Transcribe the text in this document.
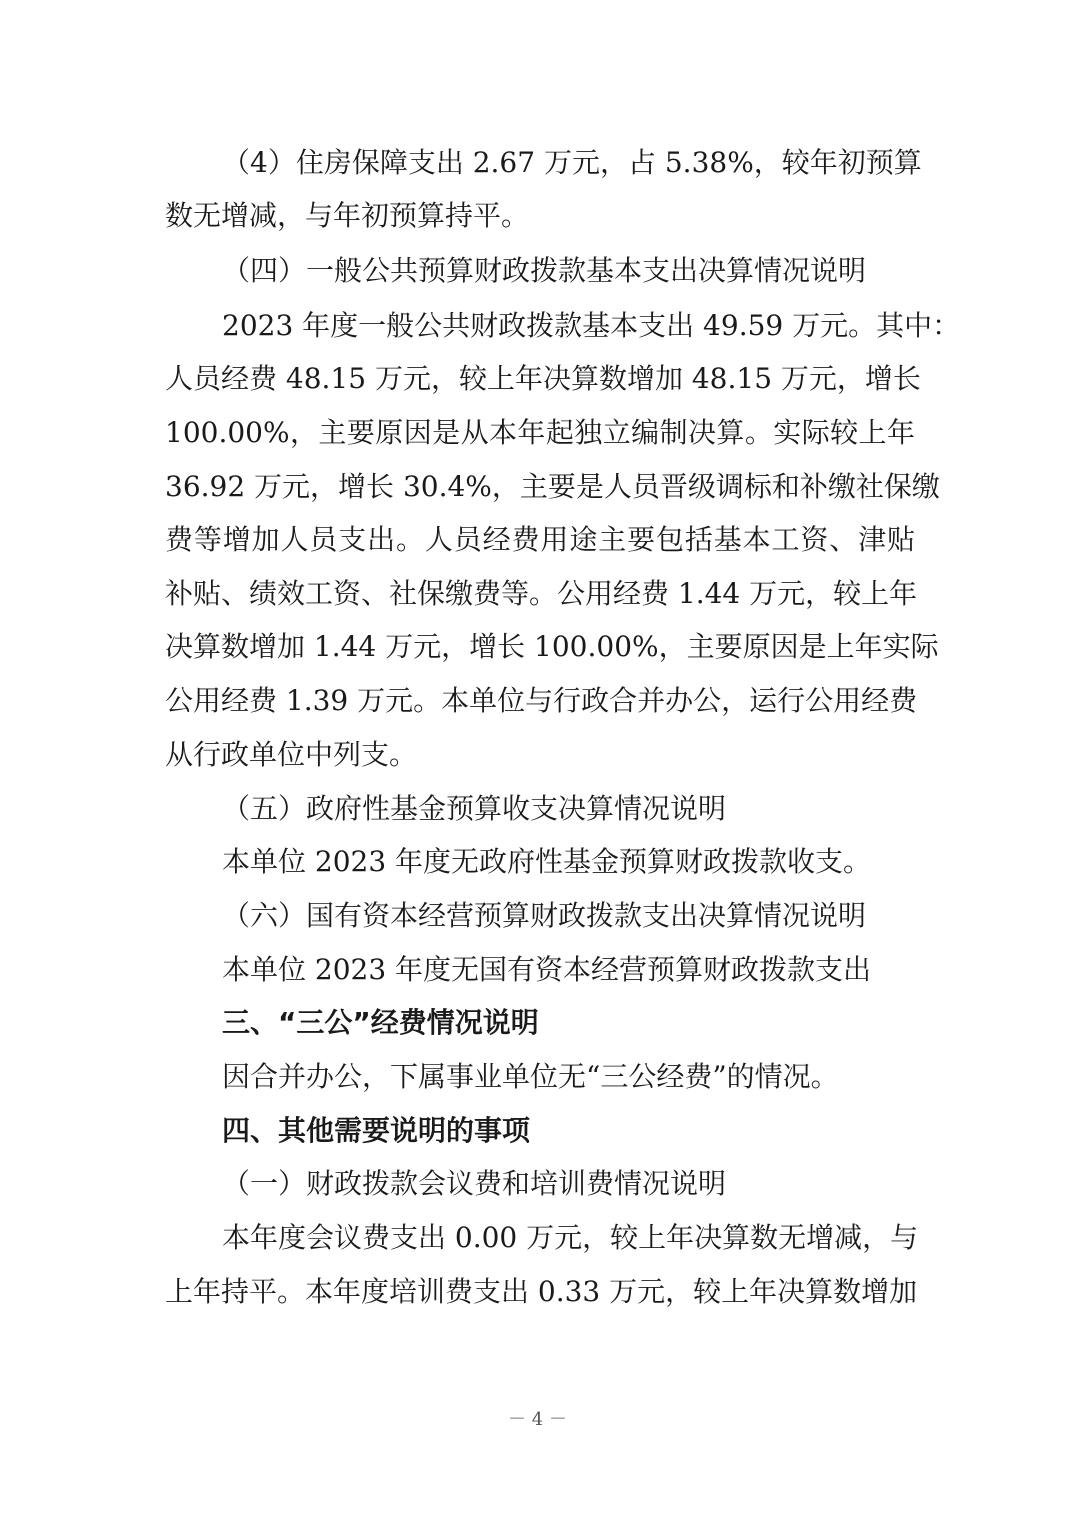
（4）住房保障支出 2.67 万元，占 5.38%，较年初预算
数无增减，与年初预算持平。
（四）一般公共预算财政拨款基本支出决算情况说明
2023 年度一般公共财政拨款基本支出 49.59 万元。其中：
人员经费 48.15 万元，较上年决算数增加 48.15 万元，增长
100.00%，主要原因是从本年起独立编制决算。实际较上年
36.92 万元，增长 30.4%，主要是人员晋级调标和补缴社保缴
费等增加人员支出。人员经费用途主要包括基本工资、津贴
补贴、绩效工资、社保缴费等。公用经费 1.44 万元，较上年
决算数增加 1.44 万元，增长 100.00%，主要原因是上年实际
公用经费 1.39 万元。本单位与行政合并办公，运行公用经费
从行政单位中列支。
（五）政府性基金预算收支决算情况说明
本单位 2023 年度无政府性基金预算财政拨款收支。
（六）国有资本经营预算财政拨款支出决算情况说明
本单位 2023 年度无国有资本经营预算财政拨款支出
三、“三公”经费情况说明
因合并办公，下属事业单位无“三公经费”的情况。
四、其他需要说明的事项
（一）财政拨款会议费和培训费情况说明
本年度会议费支出 0.00 万元，较上年决算数无增减，与
上年持平。本年度培训费支出 0.33 万元，较上年决算数增加
－ 4 －
